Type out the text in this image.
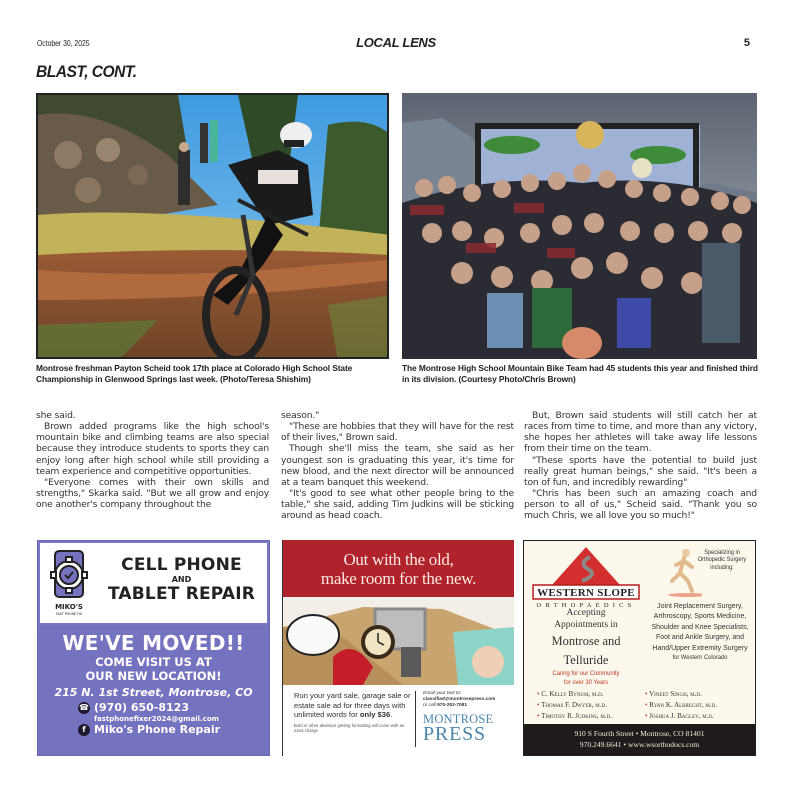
October 30, 2025	LOCAL LENS	5
BLAST, CONT.
Montrose freshman Payton Scheid took 17th place at Colorado High School State Championship in Glenwood Springs last week. (Photo/Teresa Shishim)
The Montrose High School Mountain Bike Team had 45 students this year and finished third in its division. (Courtesy Photo/Chris Brown)

she said.

Brown added programs like the high school's mountain bike and climbing teams are also special because they introduce students to sports they can enjoy long after high school while still providing a team experience and competitive opportunities.

"Everyone comes with their own skills and strengths," Skarka said. "But we all grow and enjoy one another's company throughout the

season."

"These are hobbies that they will have for the rest of their lives," Brown said.

Though she'll miss the team, she said as her youngest son is graduating this year, it's time for new blood, and the next director will be announced at a team banquet this weekend.

"It's good to see what other people bring to the table," she said, adding Tim Judkins will be sticking around as head coach.

But, Brown said students will still catch her at races from time to time, and more than any victory, she hopes her athletes will take away life lessons from their time on the team.

"These sports have the potential to build just really great human beings," she said. "It's been a ton of fun, and incredibly rewarding"

"Chris has been such an amazing coach and person to all of us," Scheid said. "Thank you so much Chris, we all love you so much!"

MIKO'S
FAST PHONE FIX
CELL PHONE
AND
TABLET REPAIR
WE'VE MOVED!!
COME VISIT US AT
OUR NEW LOCATION!
215 N. 1st Street, Montrose, CO
☎ (970) 650-8123
fastphonefixer2024@gmail.com
f Miko's Phone Repair
Out with the old,
make room for the new.
Run your yard sale, garage sale or estate sale ad for three days with unlimited words for only $36.
Bold or other attention getting formatting will come with an extra charge.
Email your text to:
classified@montrosepress.com
or call 970-252-7081
MONTROSE
PRESS
WESTERN SLOPE
ORTHOPAEDICS
Accepting
Appointments in
Montrose and
Telluride
Caring for our Community
for over 30 Years
Specializing in Orthopedic Surgery including:
Joint Replacement Surgery, Arthroscopy, Sports Medicine, Shoulder and Knee Specialists, Foot and Ankle Surgery, and Hand/Upper Extremity Surgery
for Western Colorado
• C. Kelly Bynum, m.d.	• Vineet Singh, m.d.
• Thomas F. Dwyer, m.d.	• Ryan K. Albrecht, m.d.
• Timothy R. Judkins, m.d.	• Joshua J. Bagley, m.d.
910 S Fourth Street • Montrose, CO 81401
970.249.6641 • www.wsorthodocs.com
